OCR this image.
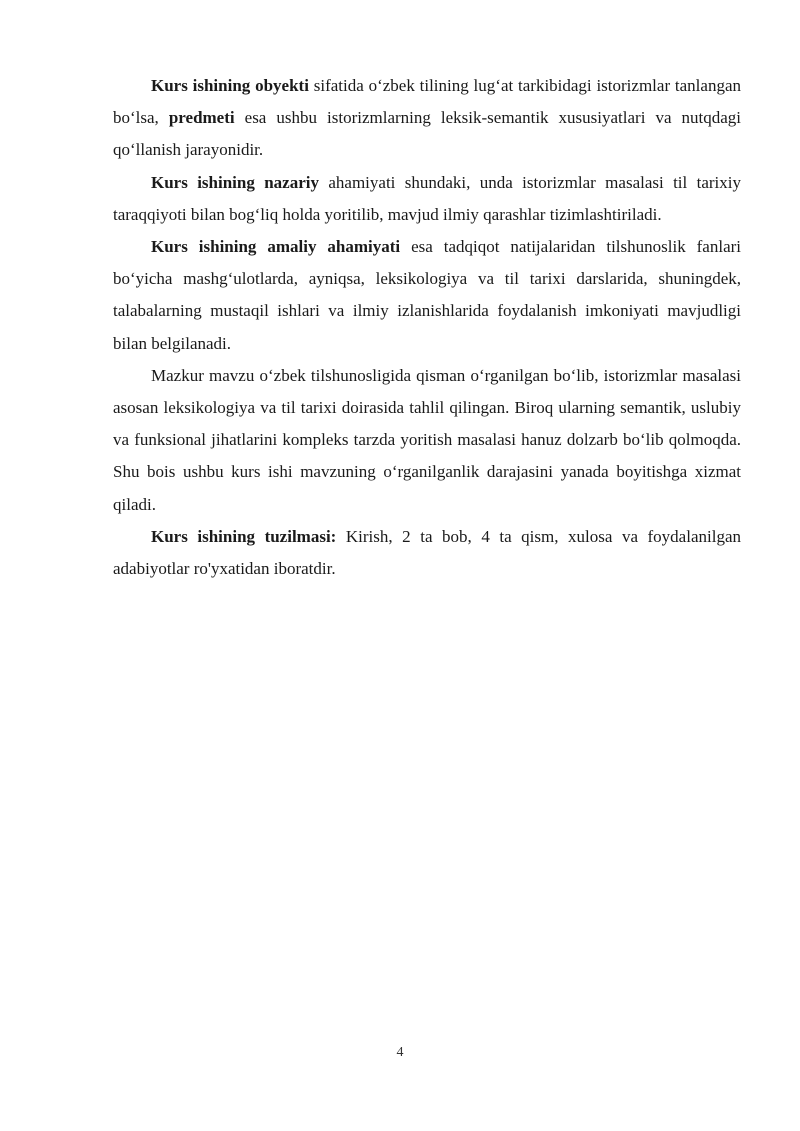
Kurs ishining obyekti sifatida o‘zbek tilining lug‘at tarkibidagi istorizmlar tanlangan bo‘lsa, predmeti esa ushbu istorizmlarning leksik-semantik xususiyatlari va nutqdagi qo‘llanish jarayonidir.

Kurs ishining nazariy ahamiyati shundaki, unda istorizmlar masalasi til tarixiy taraqqiyoti bilan bog‘liq holda yoritilib, mavjud ilmiy qarashlar tizimlashtiriladi.

Kurs ishining amaliy ahamiyati esa tadqiqot natijalaridan tilshunoslik fanlari bo‘yicha mashg‘ulotlarda, ayniqsa, leksikologiya va til tarixi darslarida, shuningdek, talabalarning mustaqil ishlari va ilmiy izlanishlarida foydalanish imkoniyati mavjudligi bilan belgilanadi.

Mazkur mavzu o‘zbek tilshunosligida qisman o‘rganilgan bo‘lib, istorizmlar masalasi asosan leksikologiya va til tarixi doirasida tahlil qilingan. Biroq ularning semantik, uslubiy va funksional jihatlarini kompleks tarzda yoritish masalasi hanuz dolzarb bo‘lib qolmoqda. Shu bois ushbu kurs ishi mavzuning o‘rganilganlik darajasini yanada boyitishga xizmat qiladi.

Kurs ishining tuzilmasi: Kirish, 2 ta bob, 4 ta qism, xulosa va foydalanilgan adabiyotlar ro'yxatidan iboratdir.

4
